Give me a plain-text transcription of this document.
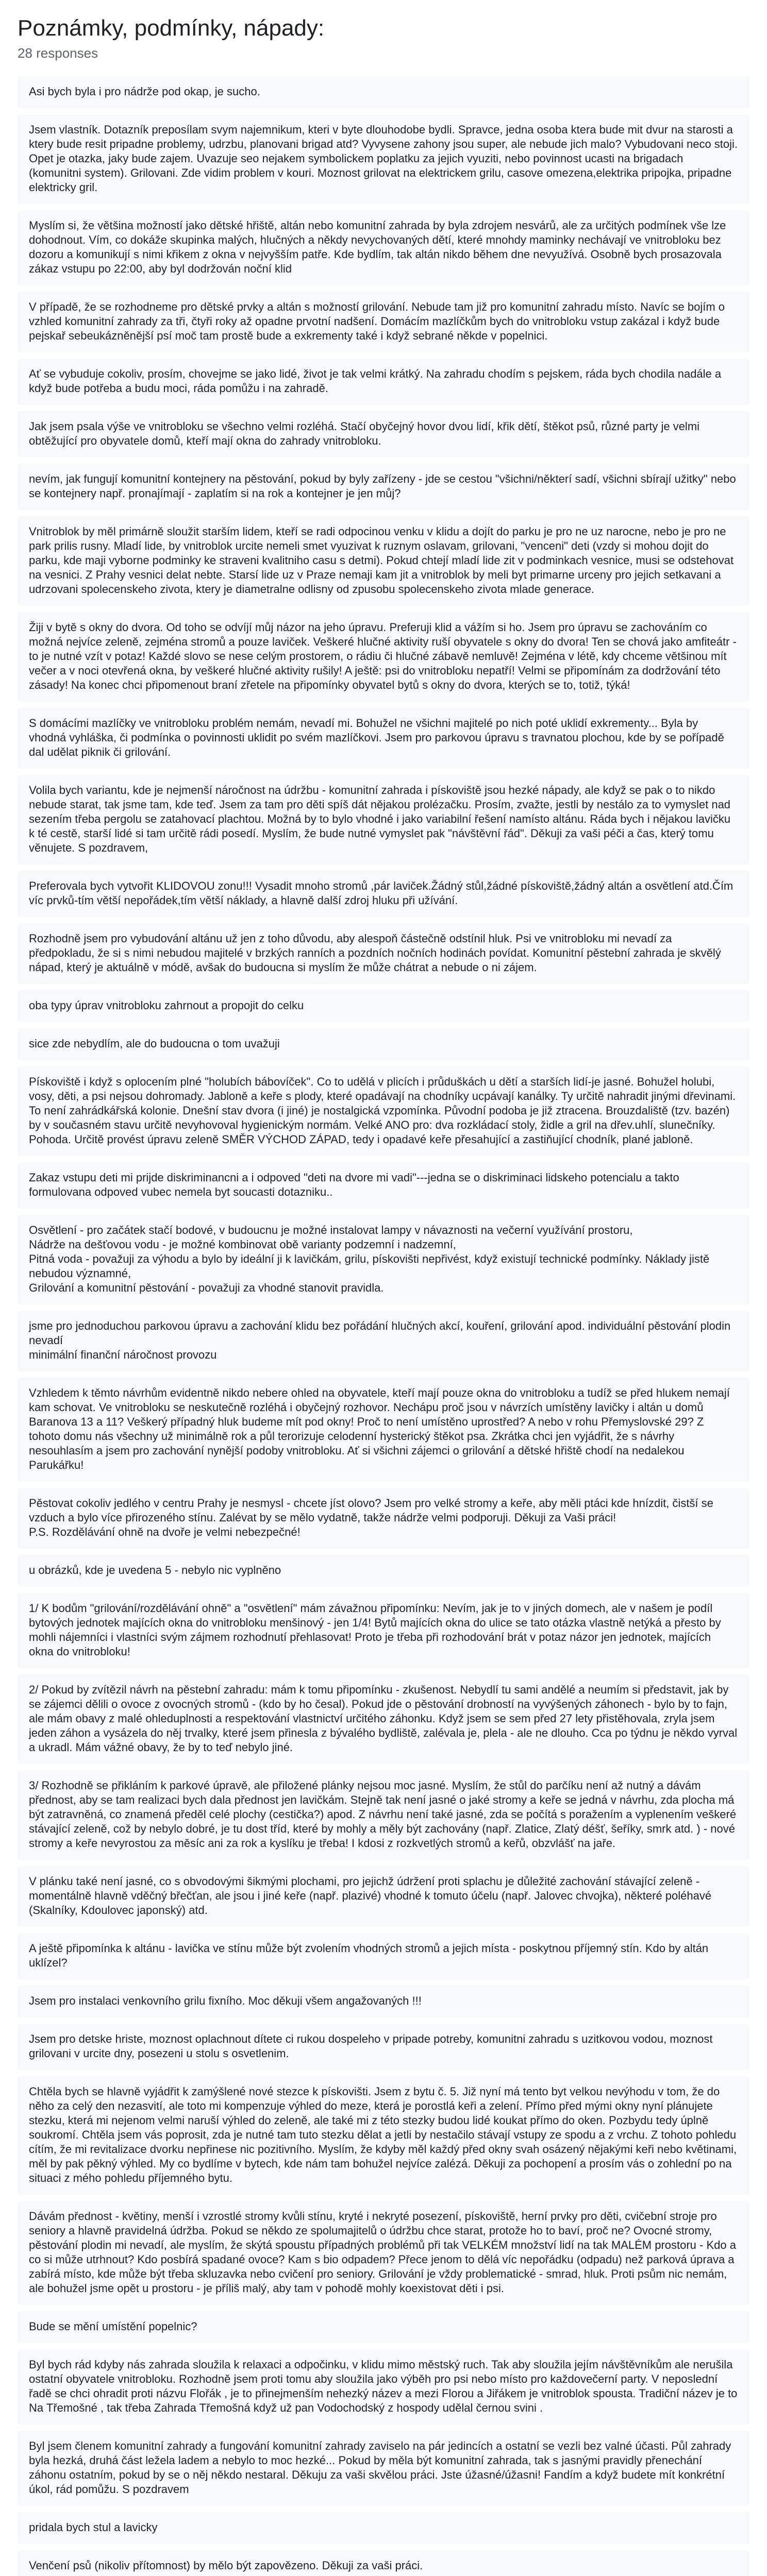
Poznámky, podmínky, nápady:
28 responses
Asi bych byla i pro nádrže pod okap, je sucho.
Jsem vlastník. Dotazník preposílam svym najemnikum, kteri v byte dlouhodobe bydli. Spravce, jedna osoba ktera bude mit dvur na starosti a ktery bude resit pripadne problemy, udrzbu, planovani brigad atd? Vyvysene zahony jsou super, ale nebude jich malo? Vybudovani neco stoji. Opet je otazka, jaky bude zajem. Uvazuje seo nejakem symbolickem poplatku za jejich vyuziti, nebo povinnost ucasti na brigadach (komunitni system). Grilovani. Zde vidim problem v kouri. Moznost grilovat na elektrickem grilu, casove omezena,elektrika pripojka, pripadne elektricky gril.
Myslím si, že většina možností jako dětské hřiště, altán nebo komunitní zahrada by byla zdrojem nesvárů, ale za určitých podmínek vše lze dohodnout. Vím, co dokáže skupinka malých, hlučných a někdy nevychovaných dětí, které mnohdy maminky nechávají ve vnitrobloku bez dozoru a komunikují s nimi křikem z okna v nejvyšším patře. Kde bydlím, tak altán nikdo během dne nevyužívá. Osobně bych prosazovala zákaz vstupu po 22:00, aby byl dodržován noční klid
V případě, že se rozhodneme pro dětské prvky a altán s možností grilování. Nebude tam již pro komunitní zahradu místo. Navíc se bojím o vzhled komunitní zahrady za tři, čtyři roky až opadne prvotní nadšení. Domácím mazlíčkům bych do vnitrobloku vstup zakázal i když bude pejskař sebeukázněnější psí moč tam prostě bude a exkrementy také i když sebrané někde v popelnici.
Ať se vybuduje cokoliv, prosím, chovejme se jako lidé, život je tak velmi krátký. Na zahradu chodím s pejskem, ráda bych chodila nadále a když bude potřeba a budu moci, ráda pomůžu i na zahradě.
Jak jsem psala výše ve vnitrobloku se všechno velmi rozléhá. Stačí obyčejný hovor dvou lidí, křik dětí, štěkot psů, různé party je velmi obtěžující pro obyvatele domů, kteří mají okna do zahrady vnitrobloku.
nevím, jak fungují komunitní kontejnery na pěstování, pokud by byly zařízeny - jde se cestou "všichni/některí sadí, všichni sbírají užitky" nebo se kontejnery např. pronajímají - zaplatím si na rok a kontejner je jen můj?
Vnitroblok by měl primárně sloužit starším lidem, kteří se radi odpocinou venku v klidu a dojít do parku je pro ne uz narocne, nebo je pro ne park prilis rusny. Mladí lide, by vnitroblok urcite nemeli smet vyuzivat k ruznym oslavam, grilovani, "venceni" deti (vzdy si mohou dojit do parku, kde maji vyborne podminky ke straveni kvalitniho casu s detmi). Pokud chtejí mladí lide zit v podminkach vesnice, musi se odstehovat na vesnici. Z Prahy vesnici delat nebte. Starsí lide uz v Praze nemaji kam jit a vnitroblok by meli byt primarne urceny pro jejich setkavani a udrzovani spolecenskeho zivota, ktery je diametralne odlisny od zpusobu spolecenskeho zivota mlade generace.
Žiji v bytě s okny do dvora. Od toho se odvíjí můj názor na jeho úpravu. Preferuji klid a vážím si ho. Jsem pro úpravu se zachováním co možná nejvíce zeleně, zejména stromů a pouze laviček. Veškeré hlučné aktivity ruší obyvatele s okny do dvora! Ten se chová jako amfiteátr - to je nutné vzít v potaz! Každé slovo se nese celým prostorem, o rádiu či hlučné zábavě nemluvě! Zejména v létě, kdy chceme většinou mít večer a v noci otevřená okna, by veškeré hlučné aktivity rušily! A ještě: psi do vnitrobloku nepatří! Velmi se připomínám za dodržování této zásady! Na konec chci připomenout braní zřetele na připomínky obyvatel bytů s okny do dvora, kterých se to, totiž, týká!
S domácími mazlíčky ve vnitrobloku problém nemám, nevadí mi. Bohužel ne všichni majitelé po nich poté uklidí exkrementy... Byla by vhodná vyhláška, či podmínka o povinnosti uklidit po svém mazlíčkovi. Jsem pro parkovou úpravu s travnatou plochou, kde by se pořípadě dal udělat piknik či grilování.
Volila bych variantu, kde je nejmenší náročnost na údržbu - komunitní zahrada i pískoviště jsou hezké nápady, ale když se pak o to nikdo nebude starat, tak jsme tam, kde teď. Jsem za tam pro děti spíš dát nějakou prolézačku. Prosím, zvažte, jestli by nestálo za to vymyslet nad sezením třeba pergolu se zatahovací plachtou. Možná by to bylo vhodné i jako variabilní řešení namísto altánu. Ráda bych i nějakou lavičku k té cestě, starší lidé si tam určitě rádi posedí. Myslím, že bude nutné vymyslet pak "návštěvní řád". Děkuji za vaši péči a čas, který tomu věnujete. S pozdravem,
Preferovala bych vytvořit KLIDOVOU zonu!!! Vysadit mnoho stromů ,pár laviček.Žádný stůl,žádné pískoviště,žádný altán a osvětlení atd.Čím víc prvků-tím větší nepořádek,tím větší náklady, a hlavně další zdroj hluku při užívání.
Rozhodně jsem pro vybudování altánu už jen z toho důvodu, aby alespoň částečně odstínil hluk. Psi ve vnitrobloku mi nevadí za předpokladu, že si s nimi nebudou majitelé v brzkých ranních a pozdních nočních hodinách povídat. Komunitní pěstební zahrada je skvělý nápad, který je aktuálně v módě, avšak do budoucna si myslím že může chátrat a nebude o ni zájem.
oba typy úprav vnitrobloku zahrnout a propojit do celku
sice zde nebydlím, ale do budoucna o tom uvažuji
Pískoviště i když s oplocením plné "holubích bábovíček". Co to udělá v plicích i průduškách u dětí a starších lidí-je jasné. Bohužel holubi, vosy, děti, a psi nejsou dohromady. Jabloně a keře s plody, které opadávají na chodníky ucpávají kanálky. Ty určitě nahradit jinými dřevinami. To není zahrádkářská kolonie. Dnešní stav dvora (i jiné) je nostalgická vzpomínka. Původní podoba je již ztracena. Brouzdaliště (tzv. bazén) by v současném stavu určitě nevyhovoval hygienickým normám. Velké ANO pro: dva rozkládací stoly, židle a gril na dřev.uhlí, slunečníky. Pohoda. Určitě provést úpravu zeleně SMĚR VÝCHOD ZÁPAD, tedy i opadavé keře přesahující a zastiňující chodník, plané jabloně.
Zakaz vstupu deti mi prijde diskriminancni a i odpoved "deti na dvore mi vadi"---jedna se o diskriminaci lidskeho potencialu a takto formulovana odpoved vubec nemela byt soucasti dotazniku..
Osvětlení - pro začátek stačí bodové, v budoucnu je možné instalovat lampy v návaznosti na večerní využívání prostoru,
Nádrže na dešťovou vodu - je možné kombinovat obě varianty podzemní i nadzemní,
Pitná voda - považuji za výhodu a bylo by ideální ji k lavičkám, grilu, pískovišti nepřivést, když existují technické podmínky. Náklady jistě nebudou významné,
Grilování a komunitní pěstování - považuji za vhodné stanovit pravidla.
jsme pro jednoduchou parkovou úpravu a zachování klidu bez pořádání hlučných akcí, kouření, grilování apod. individuální pěstování plodin nevadí
minimální finanční náročnost provozu
Vzhledem k těmto návrhům evidentně nikdo nebere ohled na obyvatele, kteří mají pouze okna do vnitrobloku a tudíž se před hlukem nemají kam schovat. Ve vnitrobloku se neskutečně rozléhá i obyčejný rozhovor. Nechápu proč jsou v návrzích umístěny lavičky i altán u domů Baranova 13 a 11? Veškerý případný hluk budeme mít pod okny! Proč to není umístěno uprostřed? A nebo v rohu Přemyslovské 29? Z tohoto domu nás všechny už minimálně rok a půl terorizuje celodenní hysterický štěkot psa. Zkrátka chci jen vyjádřit, že s návrhy nesouhlasím a jsem pro zachování nynější podoby vnitrobloku. Ať si všichni zájemci o grilování a dětské hřiště chodí na nedalekou Parukářku!
Pěstovat cokoliv jedlého v centru Prahy je nesmysl - chcete jíst olovo? Jsem pro velké stromy a keře, aby měli ptáci kde hnízdit, čistší se vzduch a bylo více přirozeného stínu. Zalévat by se mělo vydatně, takže nádrže velmi podporuji. Děkuji za Vaši práci!
P.S. Rozdělávání ohně na dvoře je velmi nebezpečné!
u obrázků, kde je uvedena 5 - nebylo nic vyplněno
1/ K bodům "grilování/rozdělávání ohně" a "osvětlení" mám závažnou připomínku: Nevím, jak je to v jiných domech, ale v našem je podíl bytových jednotek majících okna do vnitrobloku menšinový - jen 1/4! Bytů majících okna do ulice se tato otázka vlastně netýká a přesto by mohli nájemníci i vlastníci svým zájmem rozhodnutí přehlasovat! Proto je třeba při rozhodování brát v potaz názor jen jednotek, majících okna do vnitrobloku!
2/ Pokud by zvítězil návrh na pěstební zahradu: mám k tomu připomínku - zkušenost. Nebydlí tu sami andělé a neumím si představit, jak by se zájemci dělili o ovoce z ovocných stromů - (kdo by ho česal). Pokud jde o pěstování drobností na vyvýšených záhonech - bylo by to fajn, ale mám obavy z malé ohleduplnosti a respektování vlastnictví určitého záhonku. Když jsem se sem před 27 lety přistěhovala, zryla jsem jeden záhon a vysázela do něj trvalky, které jsem přinesla z bývalého bydliště, zalévala je, plela - ale ne dlouho. Cca po týdnu je někdo vyrval a ukradl. Mám vážné obavy, že by to teď nebylo jiné.
3/ Rozhodně se přikláním k parkové úpravě, ale přiložené plánky nejsou moc jasné. Myslím, že stůl do parčíku není až nutný a dávám přednost, aby se tam realizaci bych dala přednost jen lavičkám. Stejně tak není jasné o jaké stromy a keře se jedná v návrhu, zda plocha má být zatravněná, co znamená předěl celé plochy (cestička?) apod. Z návrhu není také jasné, zda se počítá s poražením a vyplenením veškeré stávající zeleně, což by nebylo dobré, je tu dost tříd, které by mohly a měly být zachovány (např. Zlatice, Zlatý déšť, šeříky, smrk atd. ) - nové stromy a keře nevyrostou za měsíc ani za rok a kyslíku je třeba! I kdosi z rozkvetlých stromů a keřů, obzvlášť na jaře.
V plánku také není jasné, co s obvodovými šikmými plochami, pro jejichž údržení proti splachu je důležité zachování stávající zeleně - momentálně hlavně vděčný břečťan, ale jsou i jiné keře (např. plazivé) vhodné k tomuto účelu (např. Jalovec chvojka), některé poléhavé (Skalníky, Kdoulovec japonský) atd.
A ještě připomínka k altánu - lavička ve stínu může být zvolením vhodných stromů a jejich místa - poskytnou příjemný stín. Kdo by altán uklízel?
Jsem pro instalaci venkovního grilu fixního. Moc děkuji všem angažovaných !!!
Jsem pro detske hriste, moznost oplachnout dítete ci rukou dospeleho v pripade potreby, komunitni zahradu s uzitkovou vodou, moznost grilovani v urcite dny, posezeni u stolu s osvetlenim.
Chtěla bych se hlavně vyjádřit k zamýšlené nové stezce k pískovišti. Jsem z bytu č. 5. Již nyní má tento byt velkou nevýhodu v tom, že do něho za celý den nezasvití, ale toto mi kompenzuje výhled do meze, která je porostlá keři a zelení. Přímo před mými okny nyní plánujete stezku, která mi nejenom velmi naruší výhled do zeleně, ale také mi z této stezky budou lidé koukat přímo do oken. Pozbydu tedy úplně soukromí. Chtěla jsem vás poprosit, zda je nutné tam tuto stezku dělat a jetli by nestačilo stávají vstupy ze spodu a z vrchu. Z tohoto pohledu cítím, že mi revitalizace dvorku nepřinese nic pozitivního. Myslím, že kdyby měl každý před okny svah osázený nějakými keři nebo květinami, měl by pak pěkný výhled. My co bydlíme v bytech, kde nám tam bohužel nejvíce zalézá. Děkuji za pochopení a prosím vás o zohlední po na situaci z mého pohledu příjemného bytu.
Dávám přednost - květiny, menší i vzrostlé stromy kvůli stínu, kryté i nekryté posezení, pískoviště, herní prvky pro děti, cvičební stroje pro seniory a hlavně pravidelná údržba. Pokud se někdo ze spolumajitelů o údržbu chce starat, protože ho to baví, proč ne? Ovocné stromy, pěstování plodin mi nevadí, ale myslím, že skýtá spoustu případných problémů při tak VELKÉM množství lidí na tak MALÉM prostoru - Kdo a co si může utrhnout? Kdo posbírá spadané ovoce? Kam s bio odpadem? Přece jenom to dělá víc nepořádku (odpadu) než parková úprava a zabírá místo, kde může být třeba skluzavka nebo cvičení pro seniory. Grilování je vždy problematické - smrad, hluk. Proti psům nic nemám, ale bohužel jsme opět u prostoru - je příliš malý, aby tam v pohodě mohly koexistovat děti i psi.
Bude se mění umístění popelnic?
Byl bych rád kdyby nás zahrada sloužila k relaxaci a odpočinku, v klidu mimo městský ruch. Tak aby sloužila jejím návštěvníkům ale nerušila ostatní obyvatele vnitrobloku. Rozhodně jsem proti tomu aby sloužila jako výběh pro psi nebo místo pro každovečerní party. V neposlední řadě se chci ohradit proti názvu Flořák , je to přinejmenším nehezký název a mezi Florou a Jiřákem je vnitroblok spousta. Tradiční název je to Na Třemošné , tak třeba Zahrada Třemošná když už pan Vodochodský z hospody udělal černou svini .
Byl jsem členem komunitní zahrady a fungování komunitní zahrady zaviselo na pár jedincích a ostatní se vezli bez valné účasti. Půl zahrady byla hezká, druhá část ležela ladem a nebylo to moc hezké... Pokud by měla být komunitní zahrada, tak s jasnými pravidly přenechání záhonu ostatním, pokud by se o něj někdo nestaral. Děkuju za vaši skvělou práci. Jste úžasné/úžasni! Fandím a když budete mít konkrétní úkol, rád pomůžu. S pozdravem
pridala bych stul a lavicky
Venčení psů (nikoliv přítomnost) by mělo být zapovězeno. Děkuji za vaši práci.
